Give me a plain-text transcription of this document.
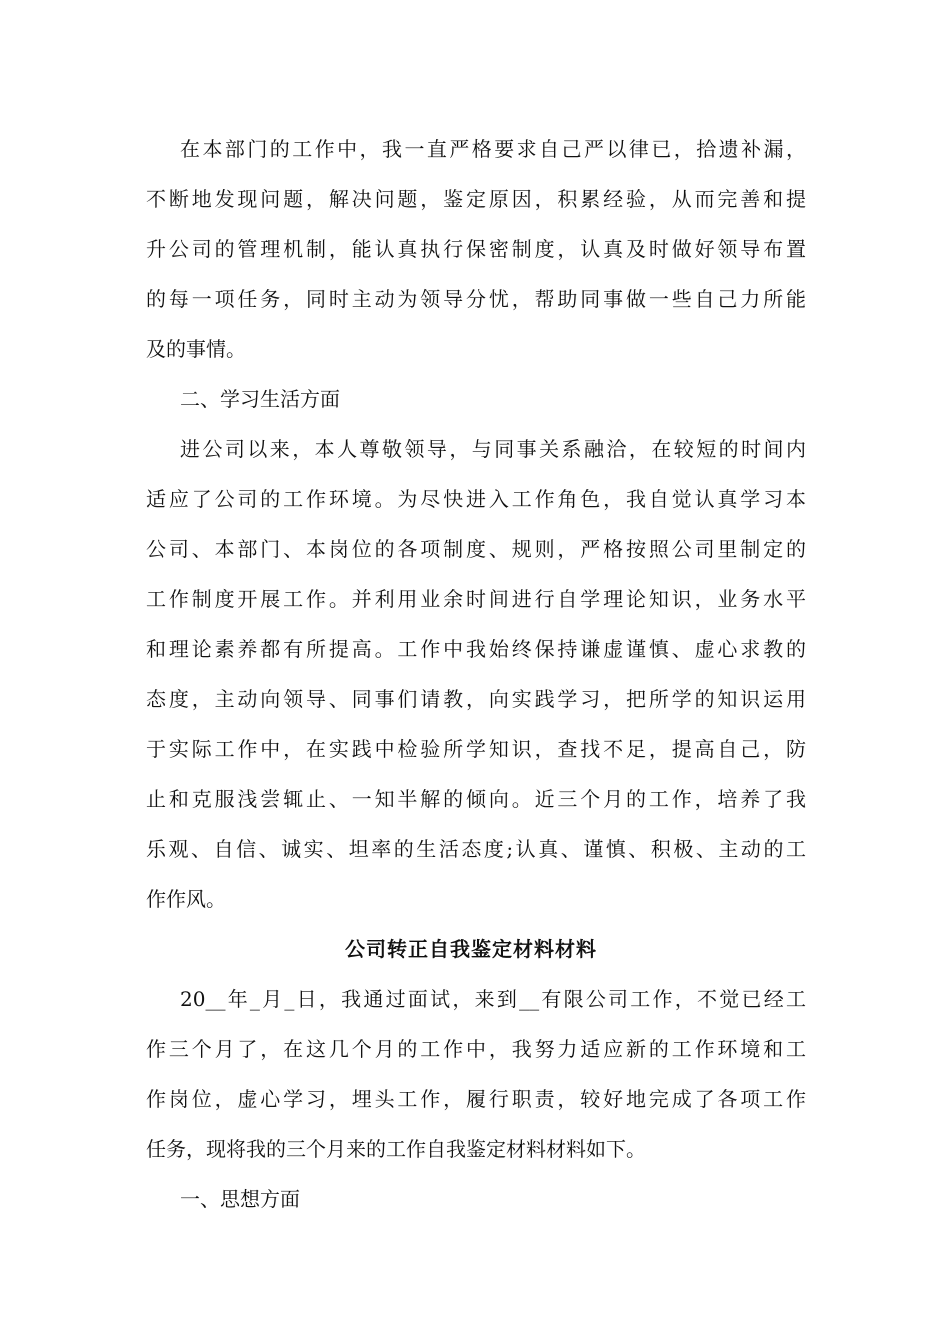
在本部门的工作中，我一直严格要求自己严以律已，拾遗补漏，
不断地发现问题，解决问题，鉴定原因，积累经验，从而完善和提
升公司的管理机制，能认真执行保密制度，认真及时做好领导布置
的每一项任务，同时主动为领导分忧，帮助同事做一些自己力所能
及的事情。
二、学习生活方面
进公司以来，本人尊敬领导，与同事关系融洽，在较短的时间内
适应了公司的工作环境。为尽快进入工作角色，我自觉认真学习本
公司、本部门、本岗位的各项制度、规则，严格按照公司里制定的
工作制度开展工作。并利用业余时间进行自学理论知识，业务水平
和理论素养都有所提高。工作中我始终保持谦虚谨慎、虚心求教的
态度，主动向领导、同事们请教，向实践学习，把所学的知识运用
于实际工作中，在实践中检验所学知识，查找不足，提高自己，防
止和克服浅尝辄止、一知半解的倾向。近三个月的工作，培养了我
乐观、自信、诚实、坦率的生活态度;认真、谨慎、积极、主动的工
作作风。
公司转正自我鉴定材料材料
20__年_月_日，我通过面试，来到__有限公司工作，不觉已经工
作三个月了，在这几个月的工作中，我努力适应新的工作环境和工
作岗位，虚心学习，埋头工作，履行职责，较好地完成了各项工作
任务，现将我的三个月来的工作自我鉴定材料材料如下。
一、思想方面
